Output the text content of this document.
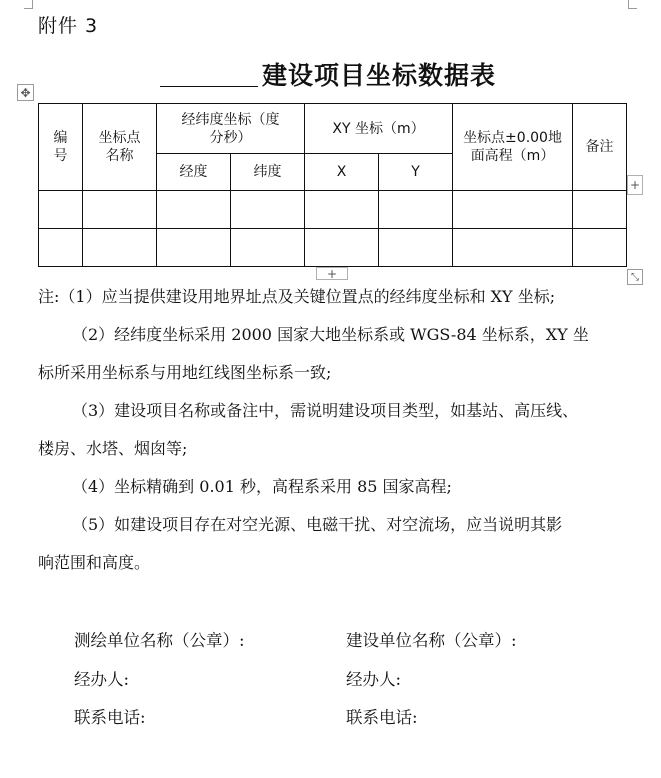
附件 3
建设项目坐标数据表
✥
编号	坐标点名称	经纬度坐标（度分秒）		XY 坐标（m）		坐标点±0.00地面高程（m）	备注
		经度	纬度	X	Y		

+
+	⤡

注:（1）应当提供建设用地界址点及关键位置点的经纬度坐标和 XY 坐标;

（2）经纬度坐标采用 2000 国家大地坐标系或 WGS-84 坐标系，XY 坐

标所采用坐标系与用地红线图坐标系一致;

（3）建设项目名称或备注中，需说明建设项目类型，如基站、高压线、

楼房、水塔、烟囱等;

（4）坐标精确到 0.01 秒，高程系采用 85 国家高程;

（5）如建设项目存在对空光源、电磁干扰、对空流场，应当说明其影

响范围和高度。

测绘单位名称（公章）:	建设单位名称（公章）:
经办人:	经办人:
联系电话:	联系电话:
